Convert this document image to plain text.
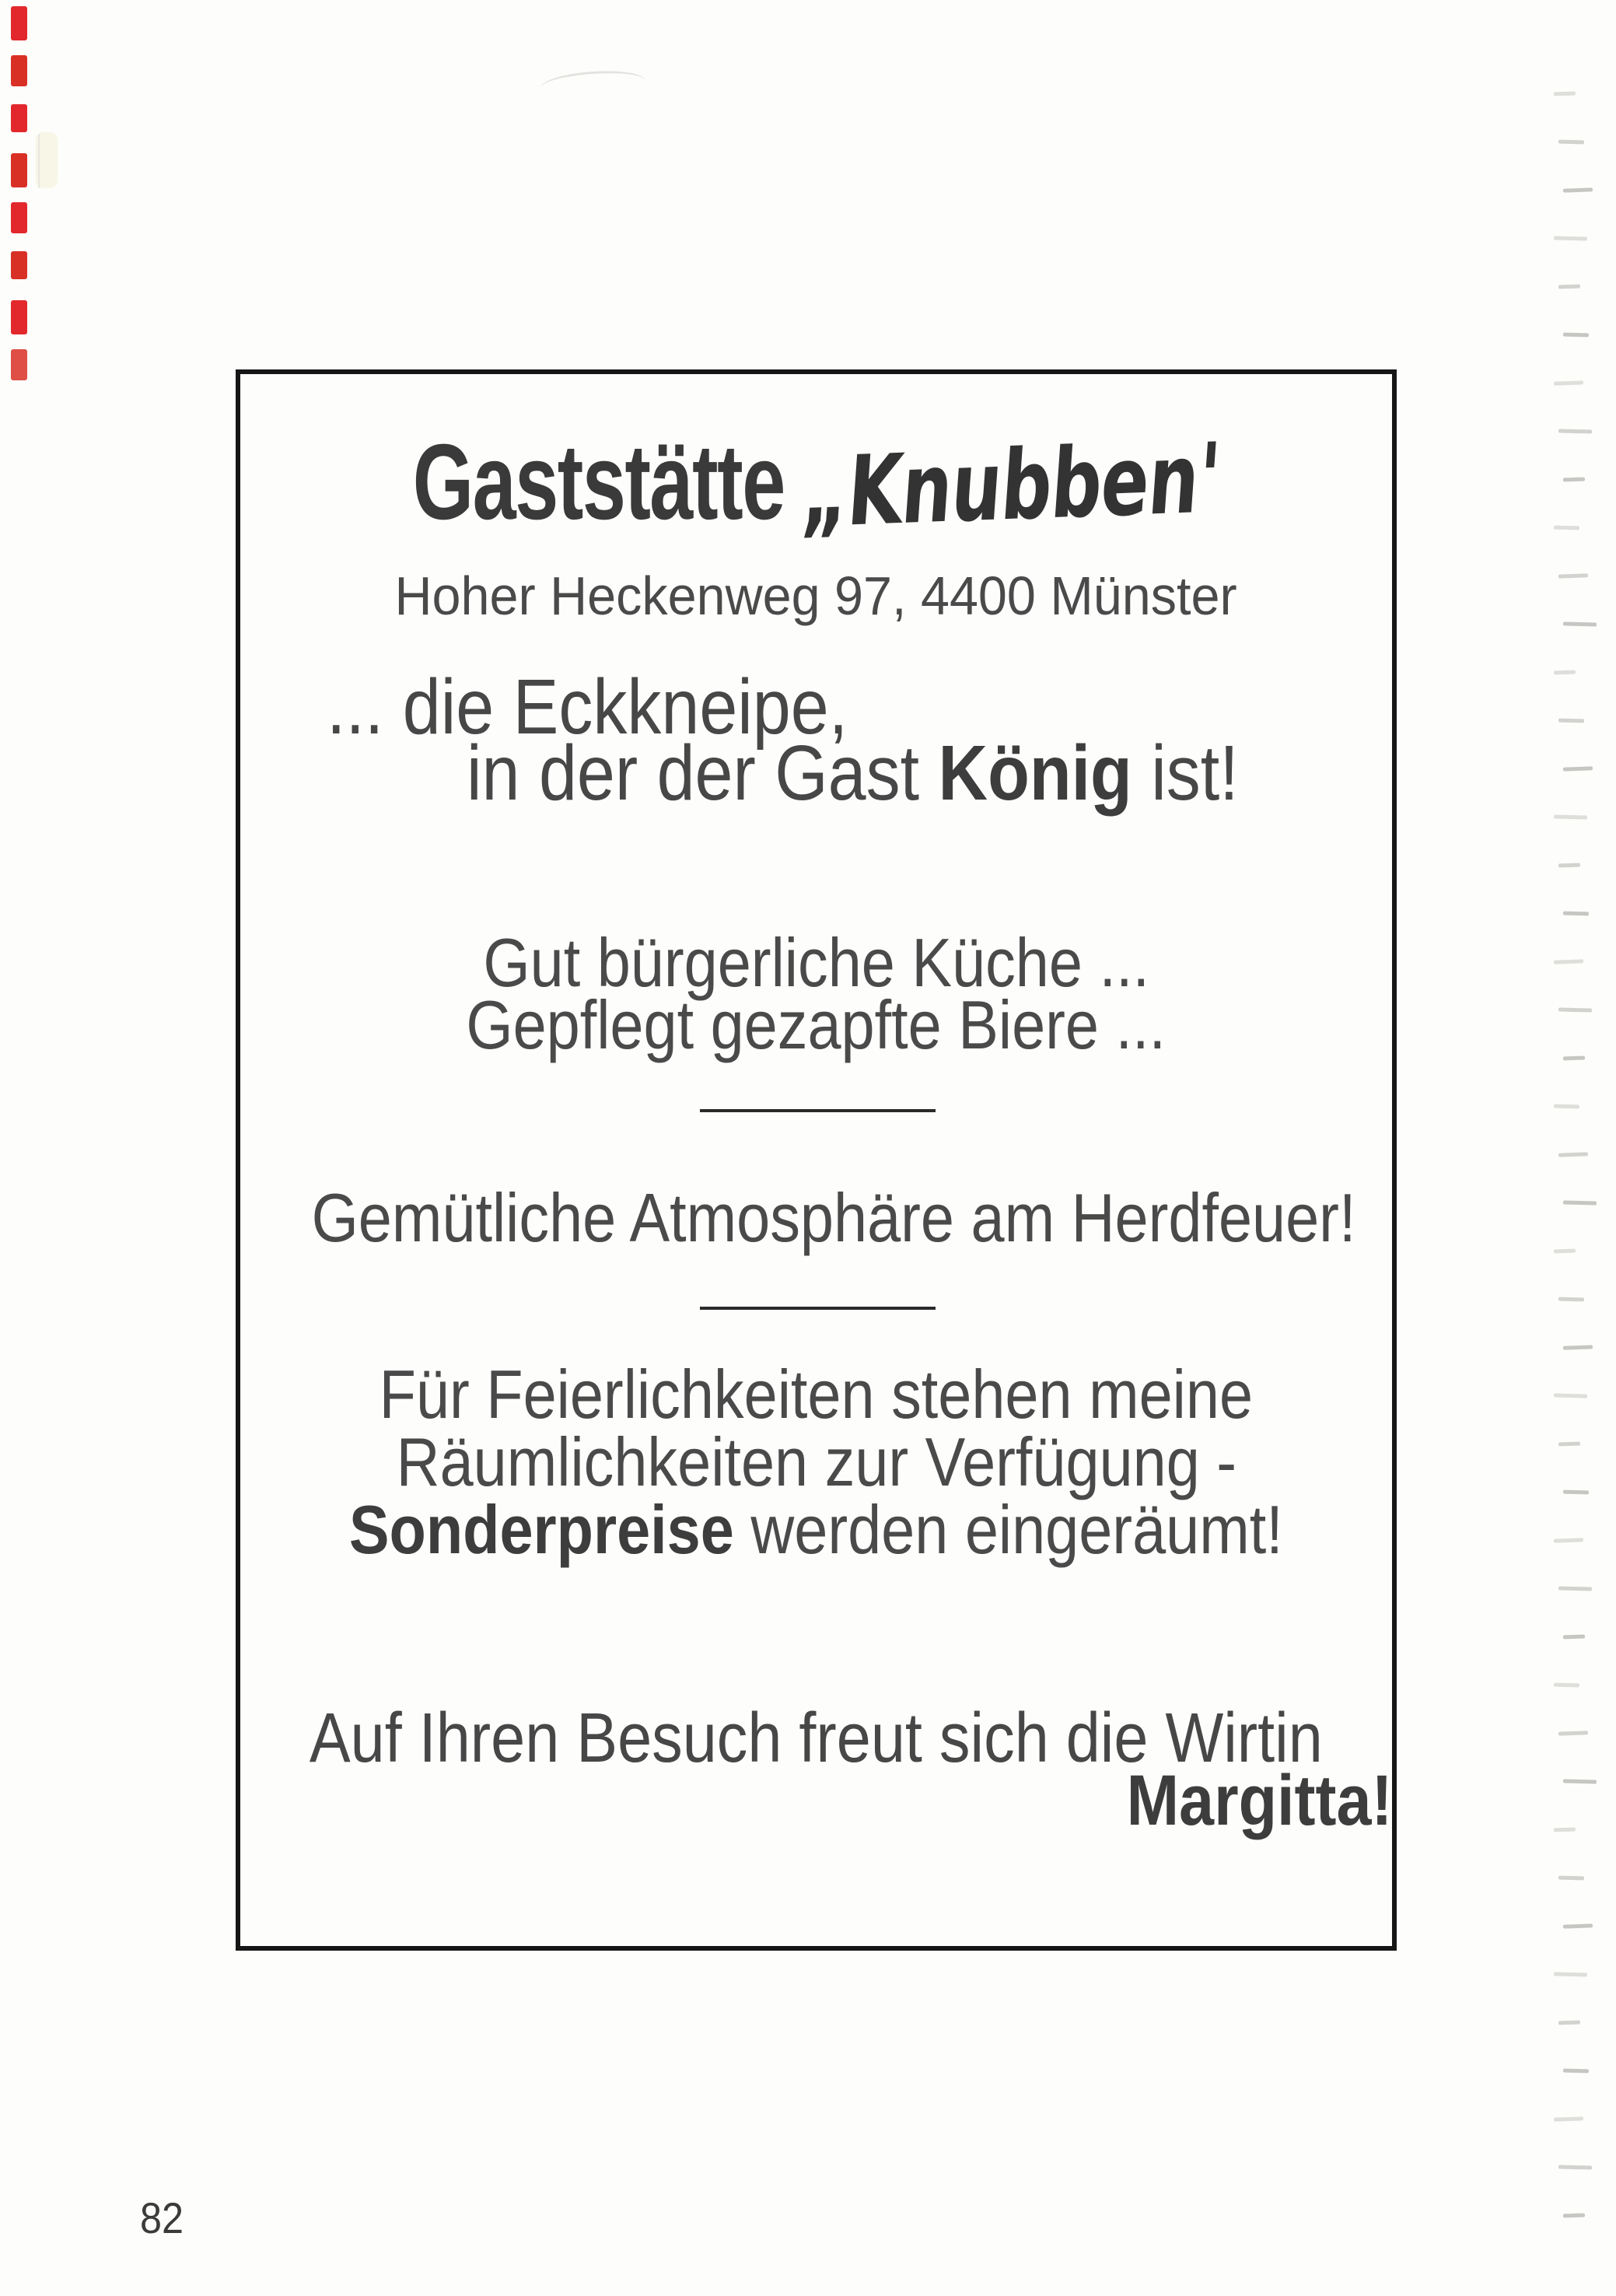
Gaststätte „Knubben'
Hoher Heckenweg 97, 4400 Münster
... die Eckkneipe,
in der der Gast König ist!
Gut bürgerliche Küche ...
Gepflegt gezapfte Biere ...
Gemütliche Atmosphäre am Herdfeuer!
Für Feierlichkeiten stehen meine
Räumlichkeiten zur Verfügung -
Sonderpreise werden eingeräumt!
Auf Ihren Besuch freut sich die Wirtin
Margitta!
82
